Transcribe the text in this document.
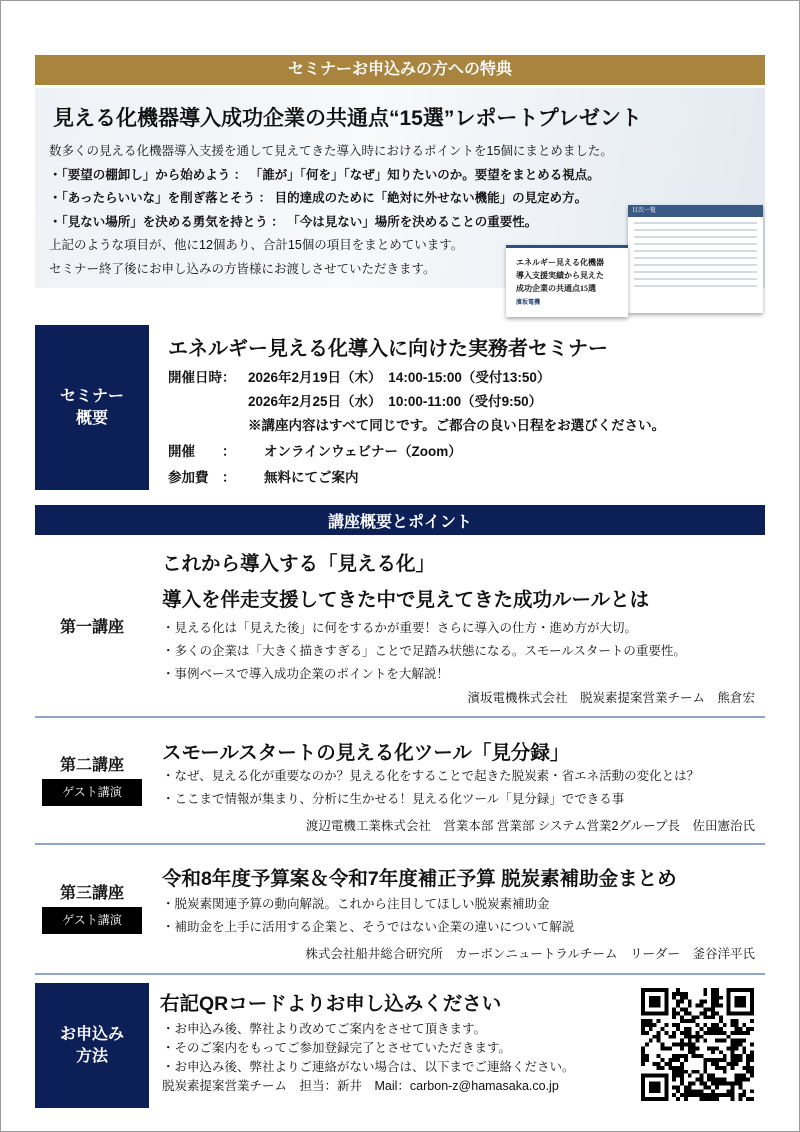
セミナーお申込みの方への特典
見える化機器導入成功企業の共通点“15選”レポートプレゼント
数多くの見える化機器導入支援を通して見えてきた導入時におけるポイントを15個にまとめました。
・「要望の棚卸し」から始めよう ： 「誰が」「何を」「なぜ」知りたいのか。要望をまとめる視点。
・「あったらいいな」を削ぎ落とそう ： 目的達成のために「絶対に外せない機能」の見定め方。
・「見ない場所」を決める勇気を持とう ： 「今は見ない」場所を決めることの重要性。
上記のような項目が、他に12個あり、合計15個の項目をまとめています。
セミナー終了後にお申し込みの方皆様にお渡しさせていただきます。
目次一覧
エネルギー見える化機器
導入支援実績から見えた
成功企業の共通点15選
濱坂電機
セミナー
概要
エネルギー見える化導入に向けた実務者セミナー
開催日時： 2026年2月19日（木）　14:00-15:00（受付13:50）
2026年2月25日（水）　10:00-11:00（受付9:50）
※講座内容はすべて同じです。ご都合の良い日程をお選びください。
開催　　： オンラインウェビナー（Zoom）
参加費　： 無料にてご案内
講座概要とポイント
第一講座
これから導入する「見える化」
導入を伴走支援してきた中で見えてきた成功ルールとは
・見える化は「見えた後」に何をするかが重要！さらに導入の仕方・進め方が大切。
・多くの企業は「大きく描きすぎる」ことで足踏み状態になる。スモールスタートの重要性。
・事例ベースで導入成功企業のポイントを大解説！
濱坂電機株式会社　脱炭素提案営業チーム　熊倉宏
第二講座
ゲスト講演
スモールスタートの見える化ツール「見分録」
・なぜ、見える化が重要なのか？見える化をすることで起きた脱炭素・省エネ活動の変化とは？
・ここまで情報が集まり、分析に生かせる！見える化ツール「見分録」でできる事
渡辺電機工業株式会社　営業本部 営業部 システム営業2グループ長　佐田憲治氏
第三講座
ゲスト講演
令和8年度予算案＆令和7年度補正予算 脱炭素補助金まとめ
・脱炭素関連予算の動向解説。これから注目してほしい脱炭素補助金
・補助金を上手に活用する企業と、そうではない企業の違いについて解説
株式会社船井総合研究所　カーボンニュートラルチーム　リーダー　釜谷洋平氏
お申込み
方法
右記QRコードよりお申し込みください
・お申込み後、弊社より改めてご案内をさせて頂きます。
・そのご案内をもってご参加登録完了とさせていただきます。
・お申込み後、弊社よりご連絡がない場合は、以下までご連絡ください。
脱炭素提案営業チーム　担当：新井　Mail：carbon-z@hamasaka.co.jp
